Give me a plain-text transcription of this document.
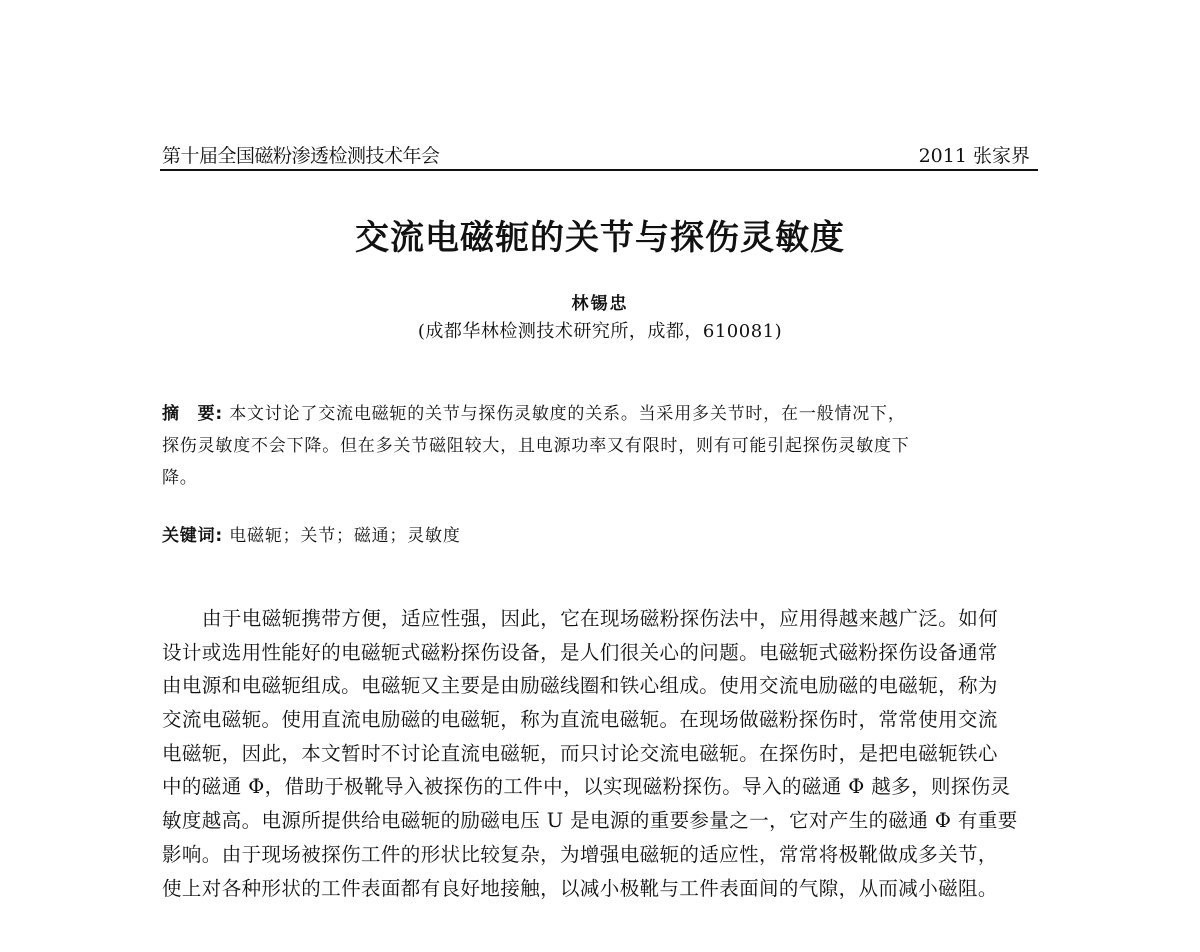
第十届全国磁粉渗透检测技术年会	2011 张家界
交流电磁轭的关节与探伤灵敏度
林锡忠
(成都华林检测技术研究所，成都，610081)
摘　要: 本文讨论了交流电磁轭的关节与探伤灵敏度的关系。当采用多关节时，在一般情况下，
探伤灵敏度不会下降。但在多关节磁阻较大，且电源功率又有限时，则有可能引起探伤灵敏度下
降。
关键词: 电磁轭；关节；磁通；灵敏度
由于电磁轭携带方便，适应性强，因此，它在现场磁粉探伤法中，应用得越来越广泛。如何
设计或选用性能好的电磁轭式磁粉探伤设备，是人们很关心的问题。电磁轭式磁粉探伤设备通常
由电源和电磁轭组成。电磁轭又主要是由励磁线圈和铁心组成。使用交流电励磁的电磁轭，称为
交流电磁轭。使用直流电励磁的电磁轭，称为直流电磁轭。在现场做磁粉探伤时，常常使用交流
电磁轭，因此，本文暂时不讨论直流电磁轭，而只讨论交流电磁轭。在探伤时，是把电磁轭铁心
中的磁通 Φ，借助于极靴导入被探伤的工件中，以实现磁粉探伤。导入的磁通 Φ 越多，则探伤灵
敏度越高。电源所提供给电磁轭的励磁电压 U 是电源的重要参量之一，它对产生的磁通 Φ 有重要
影响。由于现场被探伤工件的形状比较复杂，为增强电磁轭的适应性，常常将极靴做成多关节，
使上对各种形状的工件表面都有良好地接触，以减小极靴与工件表面间的气隙，从而减小磁阻。
